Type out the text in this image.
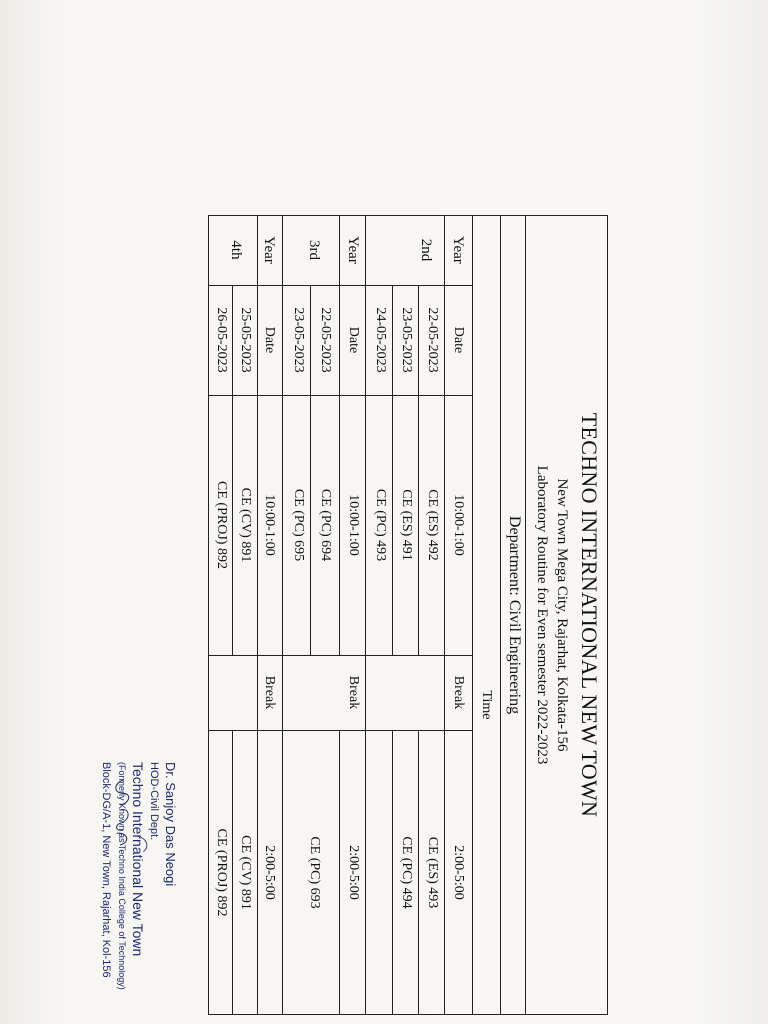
TECHNO INTERNATIONAL NEW TOWN
New Town Mega City, Rajarhat, Kolkata-156
Laboratory Routine for Even semester 2022-2023
Department: Civil Engineering
Time
Year
Date
10:00-1:00
Break
2:00-5:00
2nd
22-05-2023
CE (ES) 492
CE (ES) 493
23-05-2023
CE (ES) 491
CE (PC) 494
24-05-2023
CE (PC) 493
Year
Date
10:00-1:00
Break
2:00-5:00
3rd
22-05-2023
CE (PC) 694
CE (PC) 693
23-05-2023
CE (PC) 695
Year
Date
10:00-1:00
Break
2:00-5:00
4th
25-05-2023
CE (CV) 891
CE (CV) 891
26-05-2023
CE (PROJ) 892
CE (PROJ) 892
Dr. Sanjoy Das Neogi
HOD-Civil Dept.
Techno International New Town
(Formerly Known as Techno India College of Technology)
Block-DG/A-1, New Town, Rajarhat, Kol-156
